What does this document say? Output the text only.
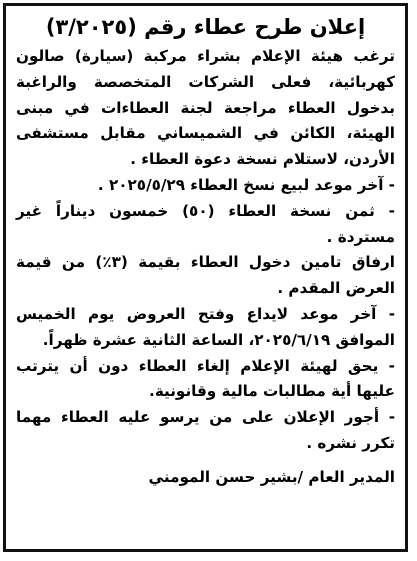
إعلان طرح عطاء رقم (٣/٢٠٢٥)

ترغب هيئة الإعلام بشراء مركبة (سيارة) صالون كهربائية، فعلى الشركات المتخصصة والراغبة بدخول العطاء مراجعة لجنة العطاءات في مبنى الهيئة، الكائن في الشميساني مقابل مستشفى الأردن، لاستلام نسخة دعوة العطاء .

- آخر موعد لبيع نسخ العطاء ٢٠٢٥/٥/٢٩ .

- ثمن نسخة العطاء (٥٠) خمسون ديناراً غير مستردة .

ارفاق تامين دخول العطاء بقيمة (٣٪) من قيمة العرض المقدم .

- آخر موعد لايداع وفتح العروض يوم الخميس الموافق ٢٠٢٥/٦/١٩، الساعة الثانية عشرة ظهراً.

- يحق لهيئة الإعلام إلغاء العطاء دون أن يترتب عليها أية مطالبات مالية وقانونية.

- أجور الإعلان على من يرسو عليه العطاء مهما تكرر نشره .

المدير العام /بشير حسن المومني
